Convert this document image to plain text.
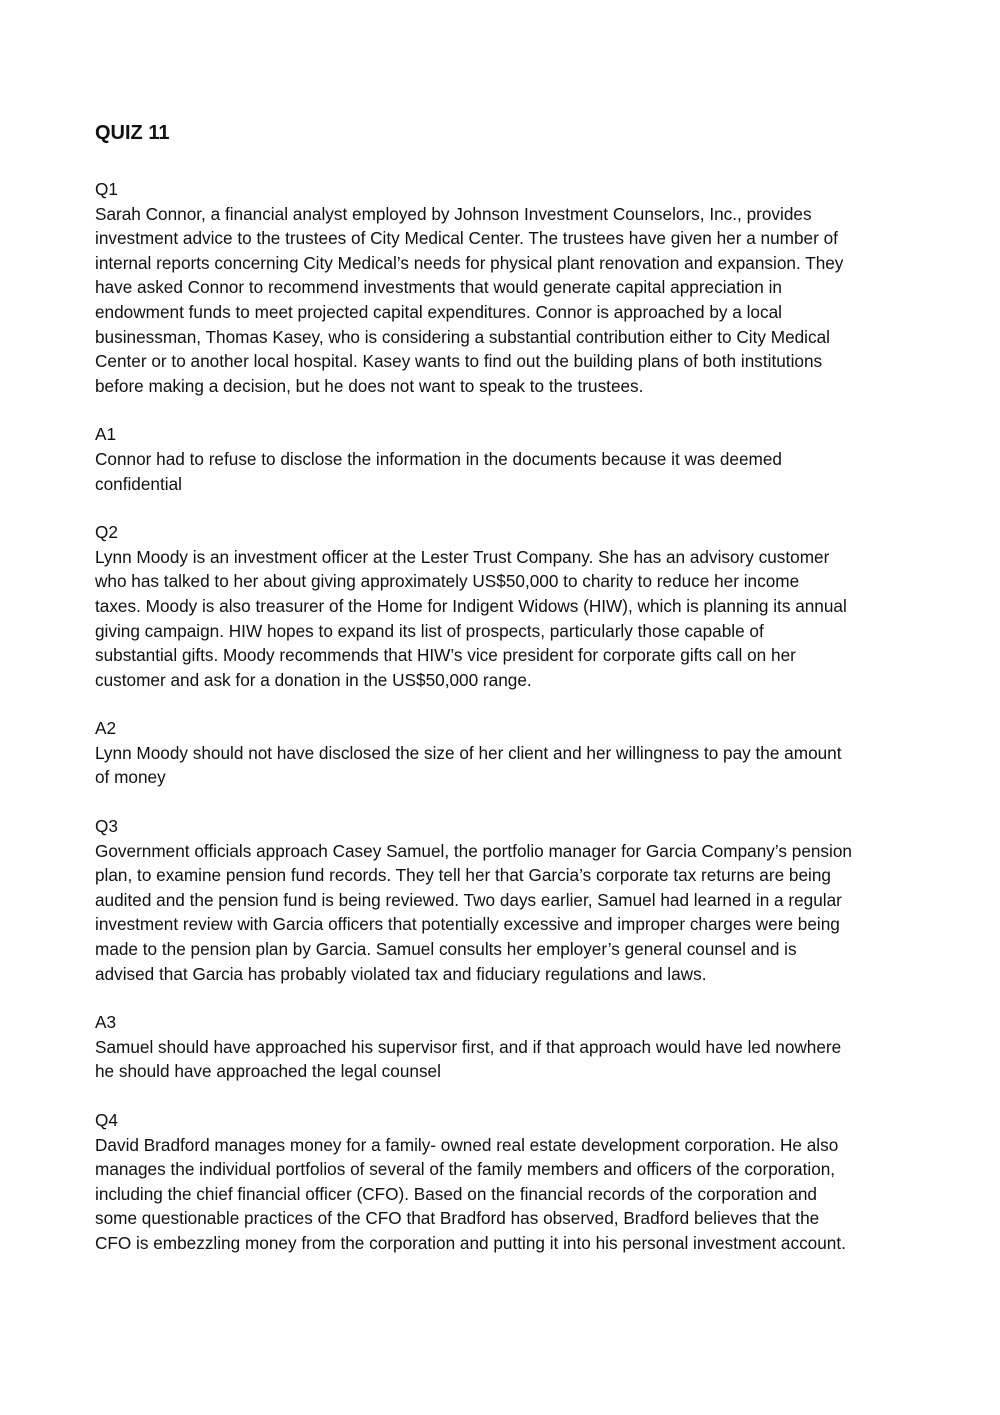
QUIZ 11

Q1

Sarah Connor, a financial analyst employed by Johnson Investment Counselors, Inc., provides
investment advice to the trustees of City Medical Center. The trustees have given her a number of
internal reports concerning City Medical’s needs for physical plant renovation and expansion. They
have asked Connor to recommend investments that would generate capital appreciation in
endowment funds to meet projected capital expenditures. Connor is approached by a local
businessman, Thomas Kasey, who is considering a substantial contribution either to City Medical
Center or to another local hospital. Kasey wants to find out the building plans of both institutions
before making a decision, but he does not want to speak to the trustees.

A1

Connor had to refuse to disclose the information in the documents because it was deemed
confidential

Q2

Lynn Moody is an investment officer at the Lester Trust Company. She has an advisory customer
who has talked to her about giving approximately US$50,000 to charity to reduce her income
taxes. Moody is also treasurer of the Home for Indigent Widows (HIW), which is planning its annual
giving campaign. HIW hopes to expand its list of prospects, particularly those capable of
substantial gifts. Moody recommends that HIW’s vice president for corporate gifts call on her
customer and ask for a donation in the US$50,000 range.

A2

Lynn Moody should not have disclosed the size of her client and her willingness to pay the amount
of money

Q3

Government officials approach Casey Samuel, the portfolio manager for Garcia Company’s pension
plan, to examine pension fund records. They tell her that Garcia’s corporate tax returns are being
audited and the pension fund is being reviewed. Two days earlier, Samuel had learned in a regular
investment review with Garcia officers that potentially excessive and improper charges were being
made to the pension plan by Garcia. Samuel consults her employer’s general counsel and is
advised that Garcia has probably violated tax and fiduciary regulations and laws.

A3

Samuel should have approached his supervisor first, and if that approach would have led nowhere
he should have approached the legal counsel

Q4

David Bradford manages money for a family- owned real estate development corporation. He also
manages the individual portfolios of several of the family members and officers of the corporation,
including the chief financial officer (CFO). Based on the financial records of the corporation and
some questionable practices of the CFO that Bradford has observed, Bradford believes that the
CFO is embezzling money from the corporation and putting it into his personal investment account.
